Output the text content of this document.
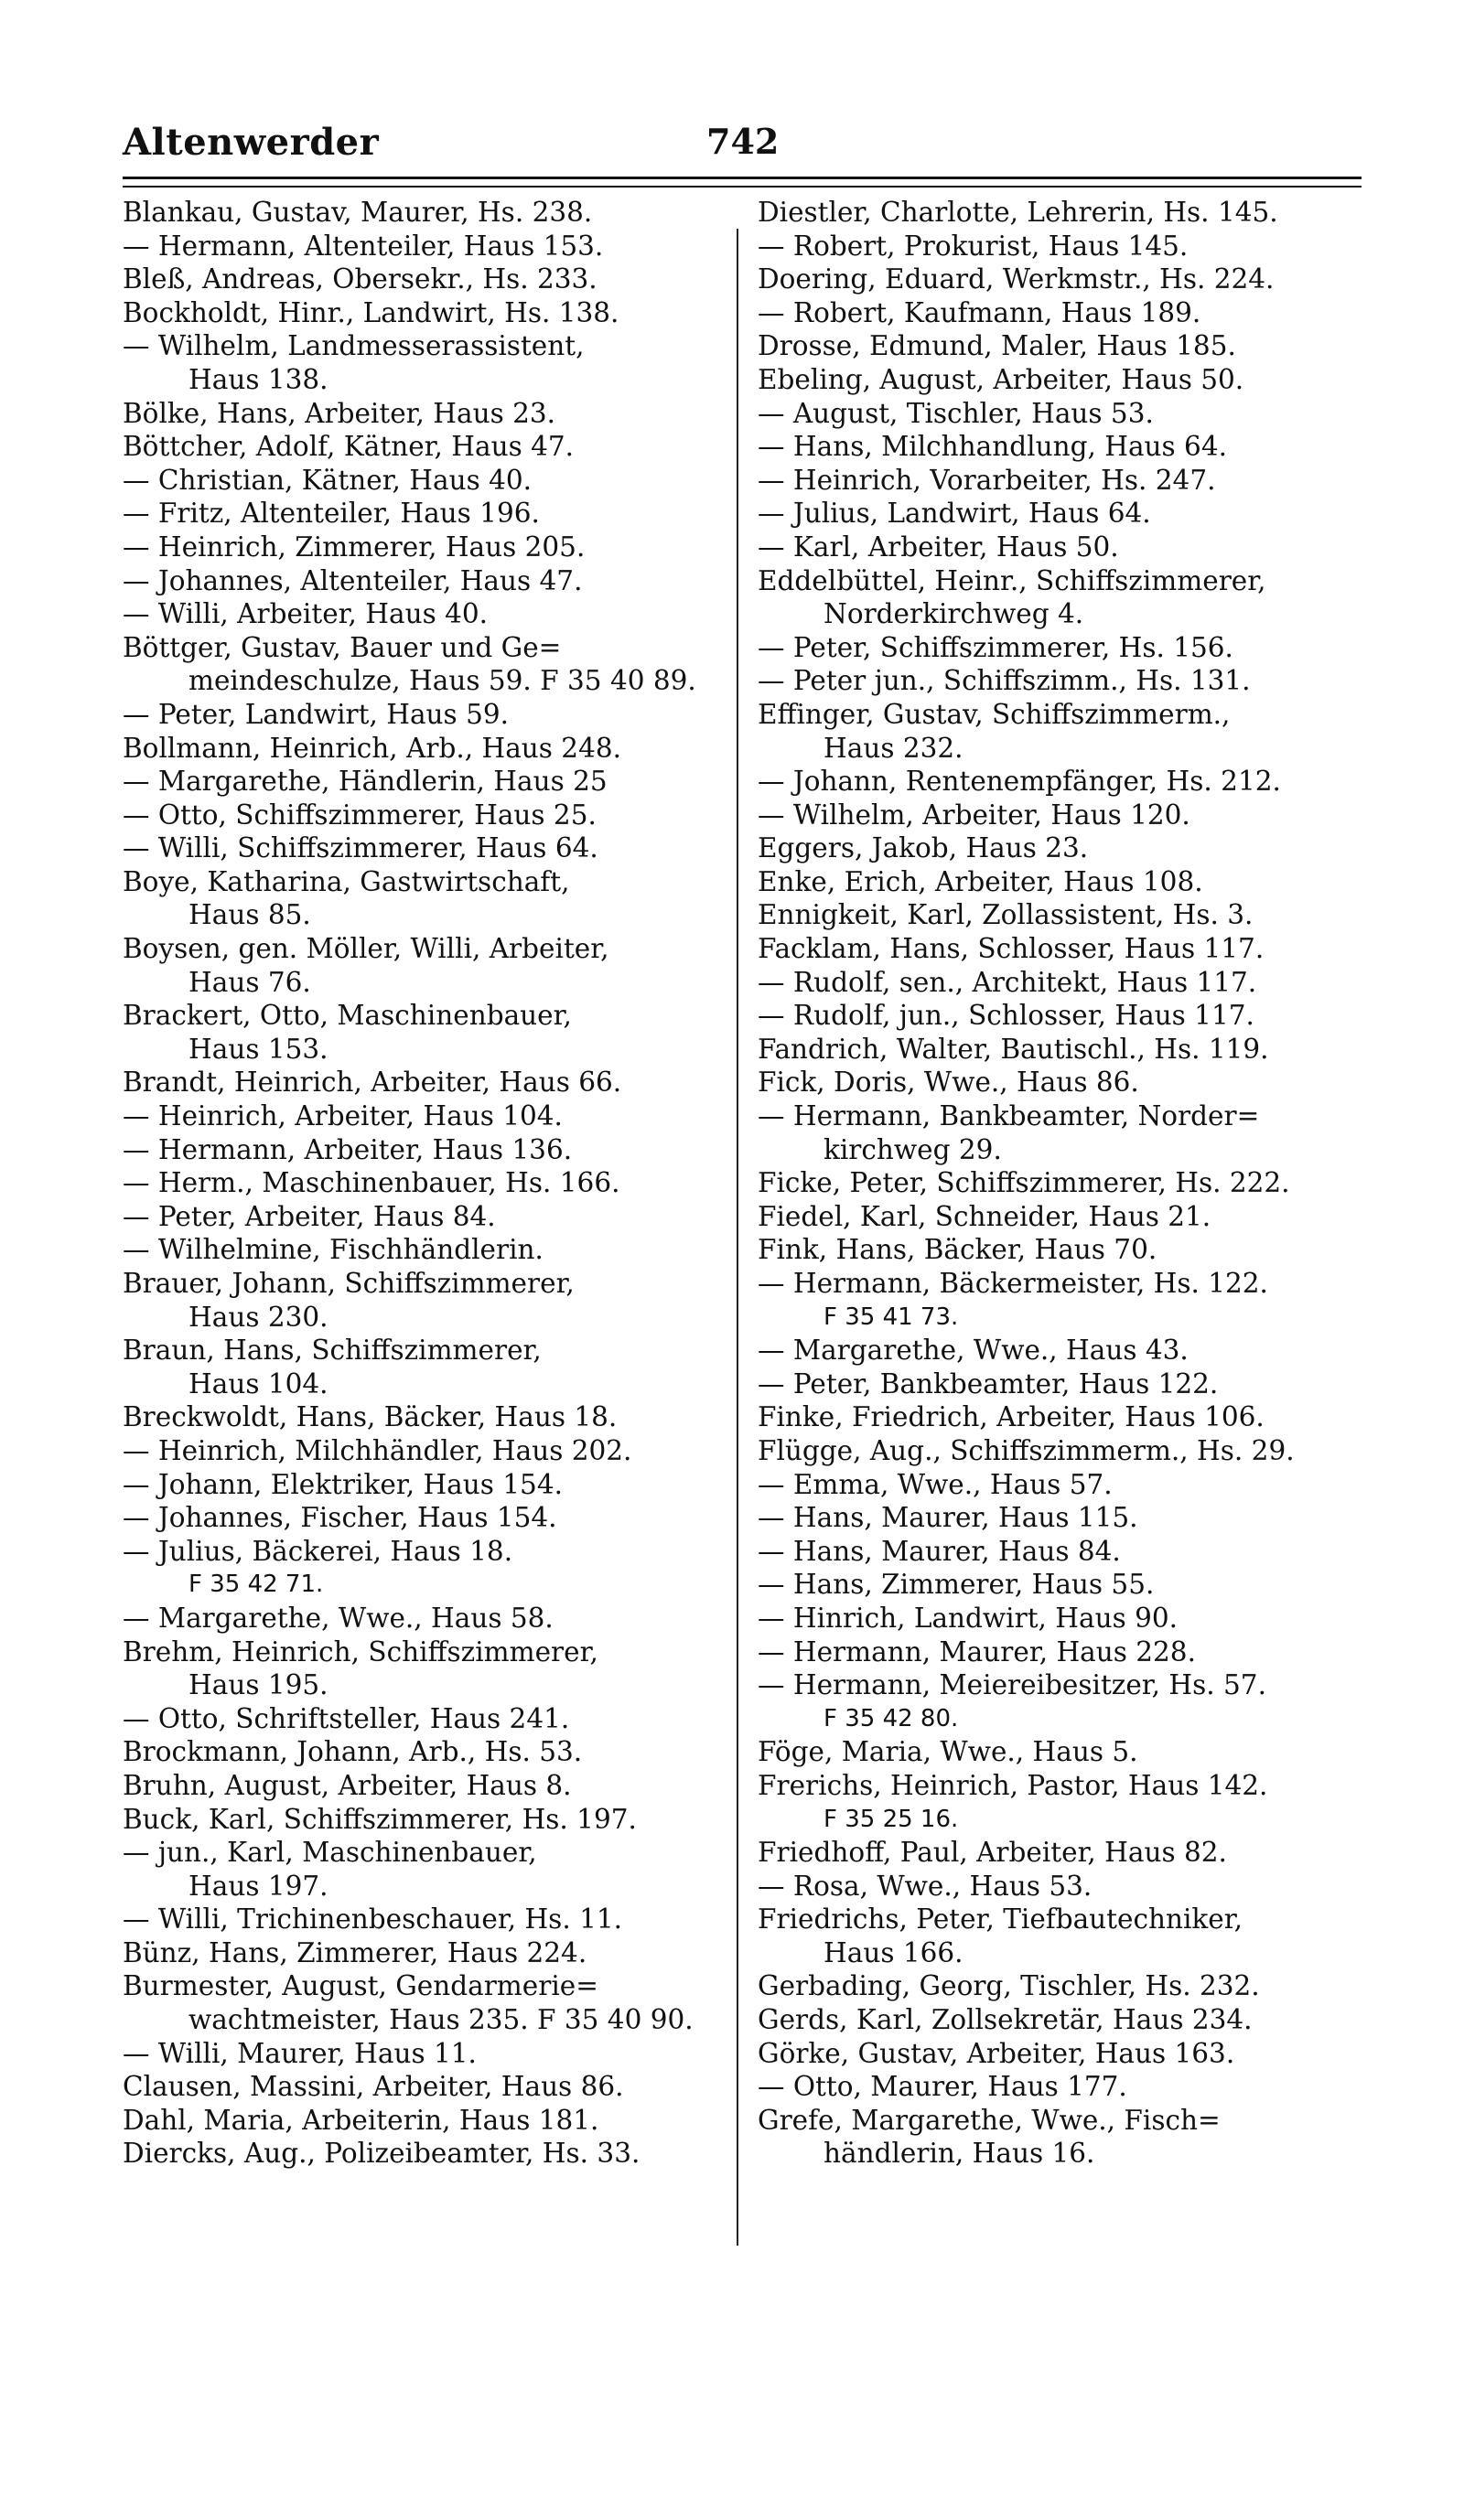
Altenwerder	742
Blankau, Gustav, Maurer, Hs. 238.
— Hermann, Altenteiler, Haus 153.
Bleß, Andreas, Obersekr., Hs. 233.
Bockholdt, Hinr., Landwirt, Hs. 138.
— Wilhelm, Landmesserassistent,
Haus 138.
Bölke, Hans, Arbeiter, Haus 23.
Böttcher, Adolf, Kätner, Haus 47.
— Christian, Kätner, Haus 40.
— Fritz, Altenteiler, Haus 196.
— Heinrich, Zimmerer, Haus 205.
— Johannes, Altenteiler, Haus 47.
— Willi, Arbeiter, Haus 40.
Böttger, Gustav, Bauer und Ge=
meindeschulze, Haus 59. F 35 40 89.
— Peter, Landwirt, Haus 59.
Bollmann, Heinrich, Arb., Haus 248.
— Margarethe, Händlerin, Haus 25
— Otto, Schiffszimmerer, Haus 25.
— Willi, Schiffszimmerer, Haus 64.
Boye, Katharina, Gastwirtschaft,
Haus 85.
Boysen, gen. Möller, Willi, Arbeiter,
Haus 76.
Brackert, Otto, Maschinenbauer,
Haus 153.
Brandt, Heinrich, Arbeiter, Haus 66.
— Heinrich, Arbeiter, Haus 104.
— Hermann, Arbeiter, Haus 136.
— Herm., Maschinenbauer, Hs. 166.
— Peter, Arbeiter, Haus 84.
— Wilhelmine, Fischhändlerin.
Brauer, Johann, Schiffszimmerer,
Haus 230.
Braun, Hans, Schiffszimmerer,
Haus 104.
Breckwoldt, Hans, Bäcker, Haus 18.
— Heinrich, Milchhändler, Haus 202.
— Johann, Elektriker, Haus 154.
— Johannes, Fischer, Haus 154.
— Julius, Bäckerei, Haus 18.
F 35 42 71.
— Margarethe, Wwe., Haus 58.
Brehm, Heinrich, Schiffszimmerer,
Haus 195.
— Otto, Schriftsteller, Haus 241.
Brockmann, Johann, Arb., Hs. 53.
Bruhn, August, Arbeiter, Haus 8.
Buck, Karl, Schiffszimmerer, Hs. 197.
— jun., Karl, Maschinenbauer,
Haus 197.
— Willi, Trichinenbeschauer, Hs. 11.
Bünz, Hans, Zimmerer, Haus 224.
Burmester, August, Gendarmerie=
wachtmeister, Haus 235. F 35 40 90.
— Willi, Maurer, Haus 11.
Clausen, Massini, Arbeiter, Haus 86.
Dahl, Maria, Arbeiterin, Haus 181.
Diercks, Aug., Polizeibeamter, Hs. 33.
Diestler, Charlotte, Lehrerin, Hs. 145.
— Robert, Prokurist, Haus 145.
Doering, Eduard, Werkmstr., Hs. 224.
— Robert, Kaufmann, Haus 189.
Drosse, Edmund, Maler, Haus 185.
Ebeling, August, Arbeiter, Haus 50.
— August, Tischler, Haus 53.
— Hans, Milchhandlung, Haus 64.
— Heinrich, Vorarbeiter, Hs. 247.
— Julius, Landwirt, Haus 64.
— Karl, Arbeiter, Haus 50.
Eddelbüttel, Heinr., Schiffszimmerer,
Norderkirchweg 4.
— Peter, Schiffszimmerer, Hs. 156.
— Peter jun., Schiffszimm., Hs. 131.
Effinger, Gustav, Schiffszimmerm.,
Haus 232.
— Johann, Rentenempfänger, Hs. 212.
— Wilhelm, Arbeiter, Haus 120.
Eggers, Jakob, Haus 23.
Enke, Erich, Arbeiter, Haus 108.
Ennigkeit, Karl, Zollassistent, Hs. 3.
Facklam, Hans, Schlosser, Haus 117.
— Rudolf, sen., Architekt, Haus 117.
— Rudolf, jun., Schlosser, Haus 117.
Fandrich, Walter, Bautischl., Hs. 119.
Fick, Doris, Wwe., Haus 86.
— Hermann, Bankbeamter, Norder=
kirchweg 29.
Ficke, Peter, Schiffszimmerer, Hs. 222.
Fiedel, Karl, Schneider, Haus 21.
Fink, Hans, Bäcker, Haus 70.
— Hermann, Bäckermeister, Hs. 122.
F 35 41 73.
— Margarethe, Wwe., Haus 43.
— Peter, Bankbeamter, Haus 122.
Finke, Friedrich, Arbeiter, Haus 106.
Flügge, Aug., Schiffszimmerm., Hs. 29.
— Emma, Wwe., Haus 57.
— Hans, Maurer, Haus 115.
— Hans, Maurer, Haus 84.
— Hans, Zimmerer, Haus 55.
— Hinrich, Landwirt, Haus 90.
— Hermann, Maurer, Haus 228.
— Hermann, Meiereibesitzer, Hs. 57.
F 35 42 80.
Föge, Maria, Wwe., Haus 5.
Frerichs, Heinrich, Pastor, Haus 142.
F 35 25 16.
Friedhoff, Paul, Arbeiter, Haus 82.
— Rosa, Wwe., Haus 53.
Friedrichs, Peter, Tiefbautechniker,
Haus 166.
Gerbading, Georg, Tischler, Hs. 232.
Gerds, Karl, Zollsekretär, Haus 234.
Görke, Gustav, Arbeiter, Haus 163.
— Otto, Maurer, Haus 177.
Grefe, Margarethe, Wwe., Fisch=
händlerin, Haus 16.
